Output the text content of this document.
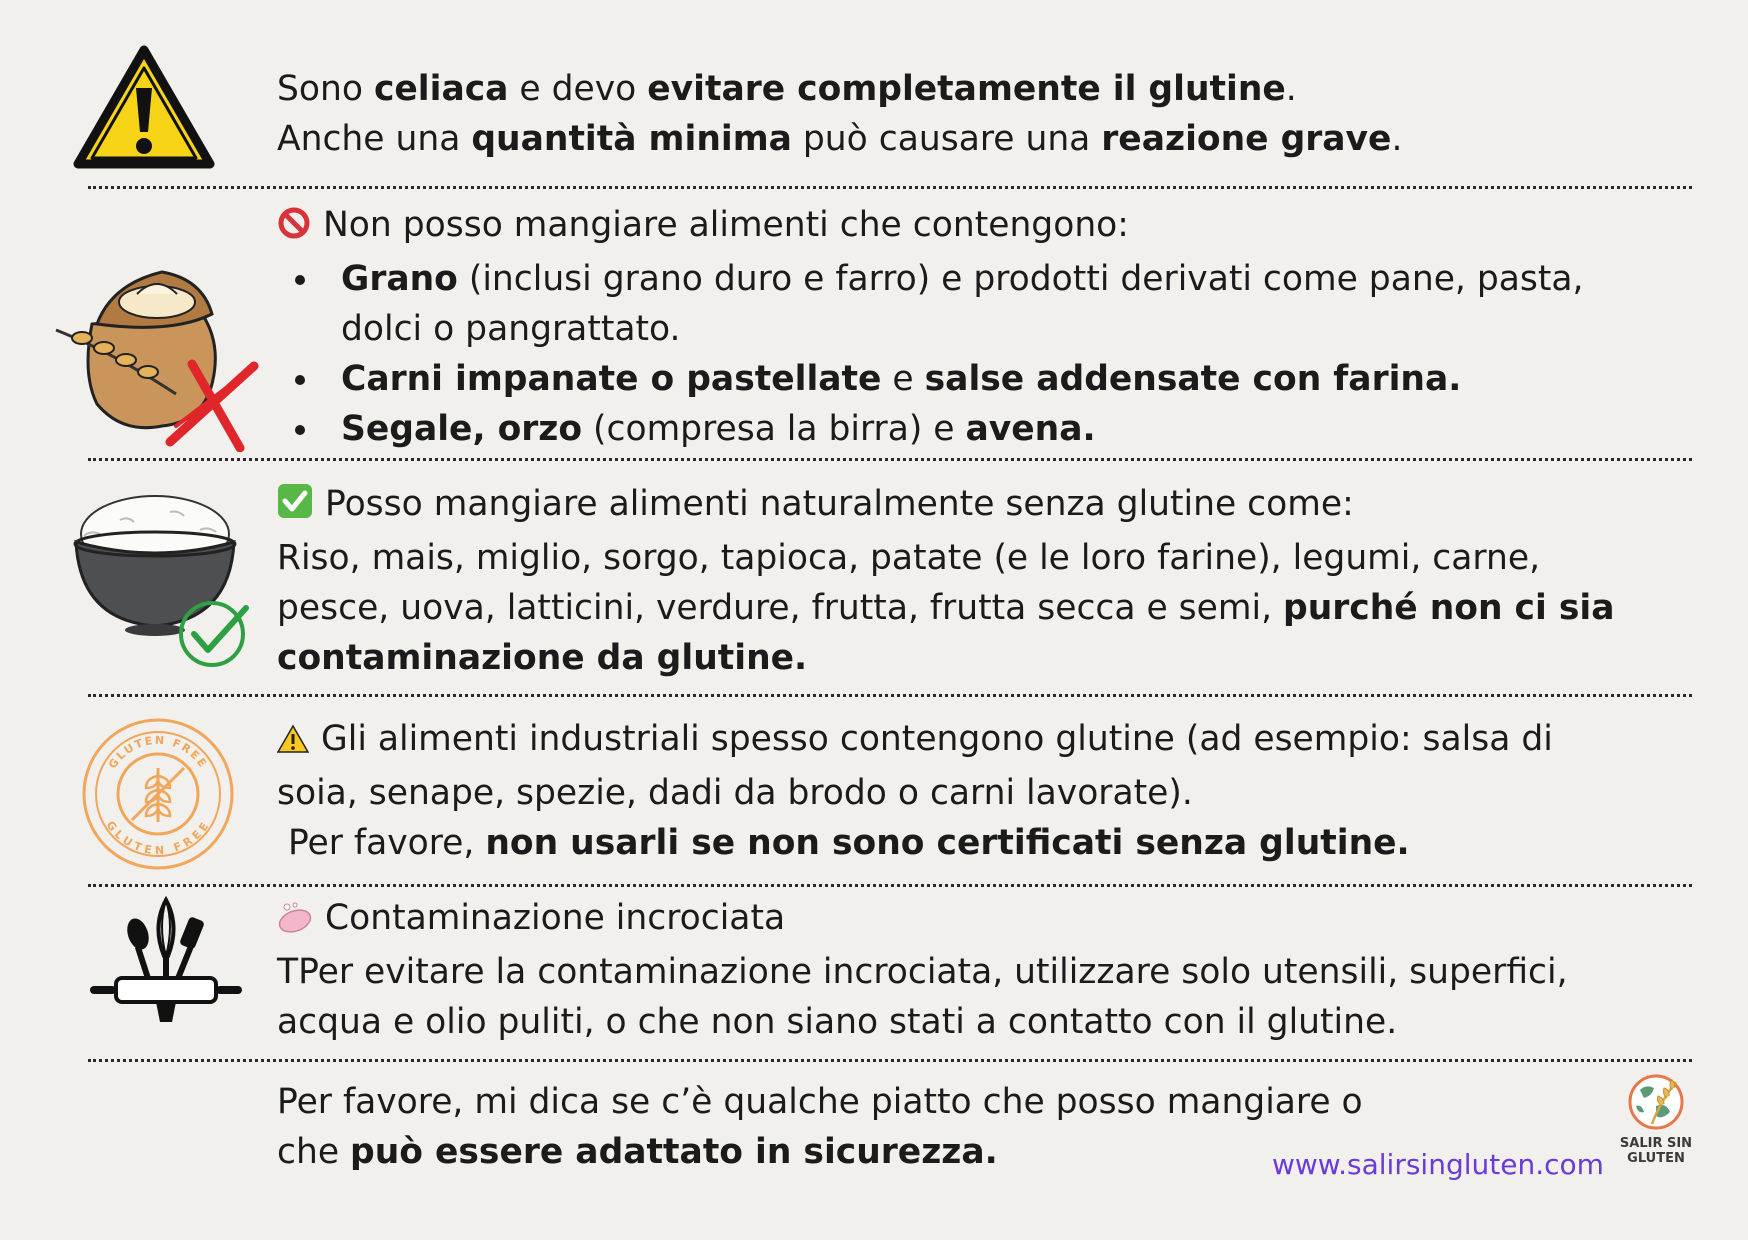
Sono celiaca e devo evitare completamente il glutine.
Anche una quantità minima può causare una reazione grave.
Non posso mangiare alimenti che contengono:
Grano (inclusi grano duro e farro) e prodotti derivati come pane, pasta, dolci o pangrattato.
Carni impanate o pastellate e salse addensate con farina.
Segale, orzo (compresa la birra) e avena.
Posso mangiare alimenti naturalmente senza glutine come:
Riso, mais, miglio, sorgo, tapioca, patate (e le loro farine), legumi, carne, pesce, uova, latticini, verdure, frutta, frutta secca e semi, purché non ci sia contaminazione da glutine.
GLUTEN FREE
GLUTEN FREE
Gli alimenti industriali spesso contengono glutine (ad esempio: salsa di soia, senape, spezie, dadi da brodo o carni lavorate).
Per favore, non usarli se non sono certificati senza glutine.
Contaminazione incrociata
TPer evitare la contaminazione incrociata, utilizzare solo utensili, superfici, acqua e olio puliti, o che non siano stati a contatto con il glutine.
Per favore, mi dica se c’è qualche piatto che posso mangiare o
che può essere adattato in sicurezza.	www.salirsingluten.com
SALIR SIN
GLUTEN
